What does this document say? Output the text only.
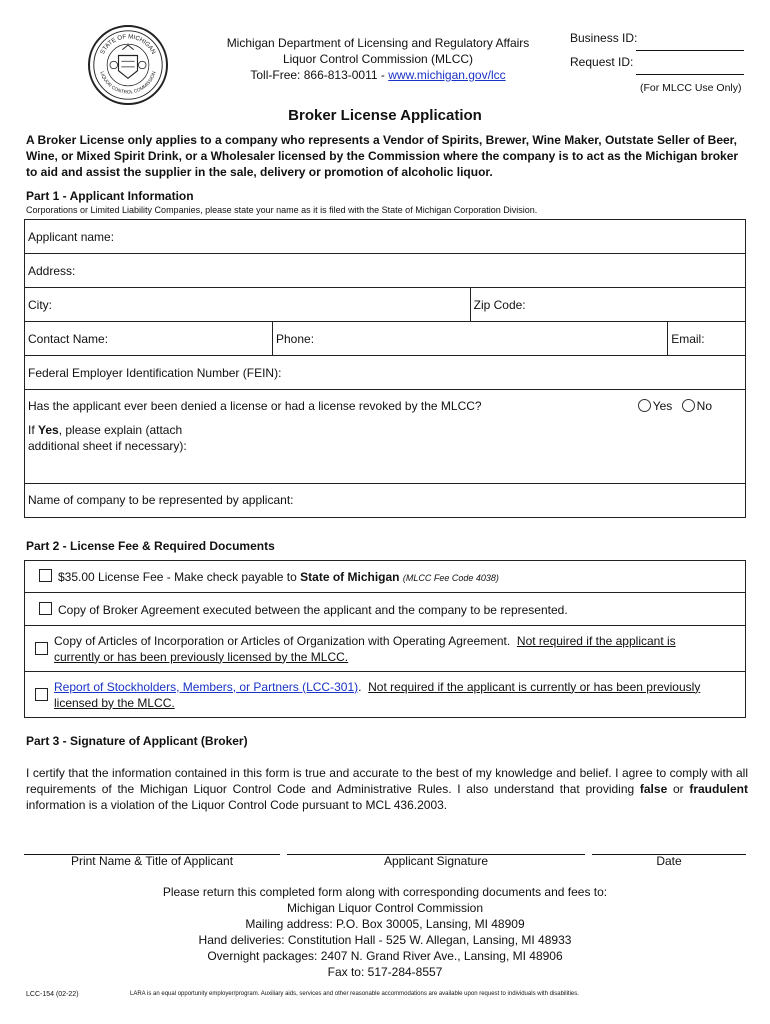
STATE OF MICHIGAN
LIQUOR CONTROL COMMISSION
Michigan Department of Licensing and Regulatory Affairs
Liquor Control Commission (MLCC)
Toll-Free: 866-813-0011 - www.michigan.gov/lcc
Business ID:
Request ID:
(For MLCC Use Only)
Broker License Application
A Broker License only applies to a company who represents a Vendor of Spirits, Brewer, Wine Maker, Outstate Seller of Beer, Wine, or Mixed Spirit Drink, or a Wholesaler licensed by the Commission where the company is to act as the Michigan broker to aid and assist the supplier in the sale, delivery or promotion of alcoholic liquor.
Part 1 - Applicant Information
Corporations or Limited Liability Companies, please state your name as it is filed with the State of Michigan Corporation Division.
Applicant name:			
Address:			
City:		Zip Code:	
Contact Name:	Phone:		Email:
Federal Employer Identification Number (FEIN):			

Has the applicant ever been denied a license or had a license revoked by the MLCC? Yes No
If Yes, please explain (attach
additional sheet if necessary):			

Name of company to be represented by applicant:			
Part 2 - License Fee & Required Documents
$35.00 License Fee - Make check payable to State of Michigan (MLCC Fee Code 4038)
Copy of Broker Agreement executed between the applicant and the company to be represented.

Copy of Articles of Incorporation or Articles of Organization with Operating Agreement. Not required if the applicant is
currently or has been previously licensed by the MLCC.

Report of Stockholders, Members, or Partners (LCC-301).  Not required if the applicant is currently or has been previously
licensed by the MLCC.
Part 3 - Signature of Applicant (Broker)
I certify that the information contained in this form is true and accurate to the best of my knowledge and belief. I agree to comply with all requirements of the Michigan Liquor Control Code and Administrative Rules. I also understand that providing false or fraudulent information is a violation of the Liquor Control Code pursuant to MCL 436.2003.
Print Name & Title of Applicant	Applicant Signature	Date
Please return this completed form along with corresponding documents and fees to:
Michigan Liquor Control Commission
Mailing address: P.O. Box 30005, Lansing, MI 48909
Hand deliveries: Constitution Hall - 525 W. Allegan, Lansing, MI 48933
Overnight packages: 2407 N. Grand River Ave., Lansing, MI 48906
Fax to: 517-284-8557
LCC-154 (02-22)	LARA is an equal opportunity employer/program. Auxiliary aids, services and other reasonable accommodations are available upon request to individuals with disabilities.
